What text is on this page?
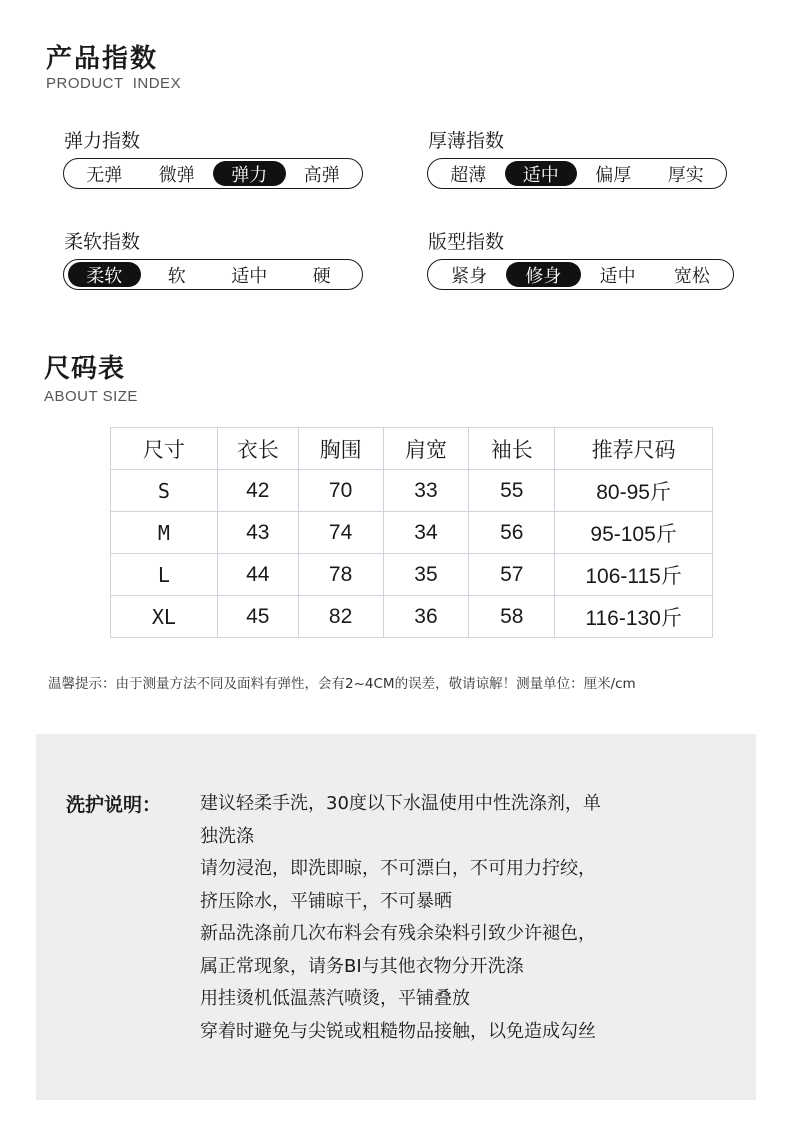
产品指数
PRODUCT  INDEX
弹力指数
无弹	微弹	弹力	高弹
厚薄指数
超薄	适中	偏厚	厚实
柔软指数
柔软	软	适中	硬
版型指数
紧身	修身	适中	宽松
尺码表
ABOUT SIZE
尺寸	衣长	胸围	肩宽	袖长	推荐尺码
S	42	70	33	55	80-95斤
M	43	74	34	56	95-105斤
L	44	78	35	57	106-115斤
XL	45	82	36	58	116-130斤
温馨提示：由于测量方法不同及面料有弹性，会有2~4CM的误差，敬请谅解！测量单位：厘米/cm
洗护说明： 建议轻柔手洗，30度以下水温使用中性洗涤剂，单
独洗涤
请勿浸泡，即洗即晾，不可漂白，不可用力拧绞，
挤压除水，平铺晾干，不可暴晒
新品洗涤前几次布料会有残余染料引致少许褪色，
属正常现象，请务BI与其他衣物分开洗涤
用挂烫机低温蒸汽喷烫，平铺叠放
穿着时避免与尖锐或粗糙物品接触，以免造成勾丝
